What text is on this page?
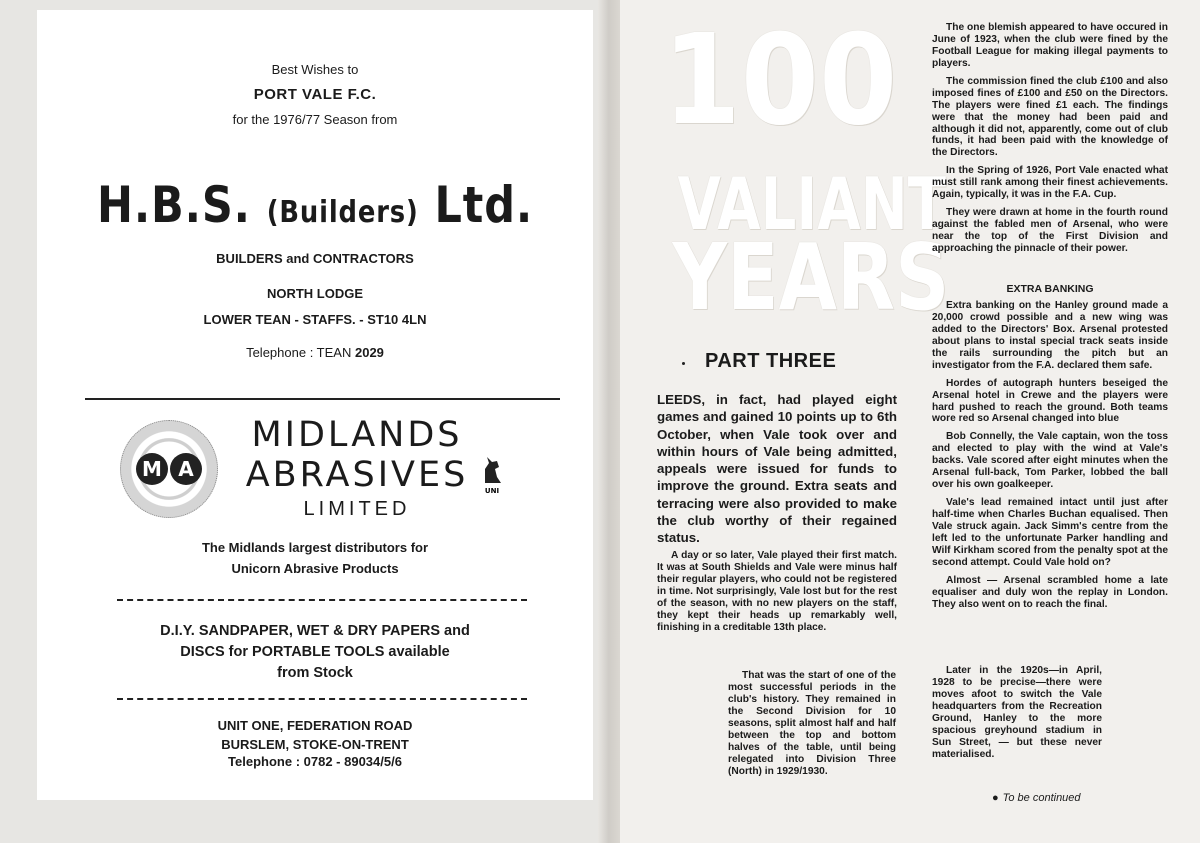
Best Wishes to
PORT VALE F.C.
for the 1976/77 Season from
H.B.S. (Builders) Ltd.
BUILDERS and CONTRACTORS
NORTH LODGE
LOWER TEAN - STAFFS. - ST10 4LN
Telephone : TEAN 2029
M A
MIDLANDS
ABRASIVES
LIMITED
UNI
The Midlands largest distributors for
Unicorn Abrasive Products
D.I.Y. SANDPAPER, WET & DRY PAPERS and
DISCS for PORTABLE TOOLS available
from Stock
UNIT ONE, FEDERATION ROAD
BURSLEM, STOKE-ON-TRENT
Telephone : 0782 - 89034/5/6
100
VALIANT
YEARS
PART THREE
LEEDS, in fact, had played eight games and gained 10 points up to 6th October, when Vale took over and within hours of Vale being admitted, appeals were issued for funds to improve the ground. Extra seats and terracing were also provided to make the club worthy of their regained status.

A day or so later, Vale played their first match. It was at South Shields and Vale were minus half their regular players, who could not be registered in time. Not surprisingly, Vale lost but for the rest of the season, with no new players on the staff, they kept their heads up remarkably well, finishing in a creditable 13th place.

That was the start of one of the most successful periods in the club's history. They remained in the Second Division for 10 seasons, split almost half and half between the top and bottom halves of the table, until being relegated into Division Three (North) in 1929/1930.

The one blemish appeared to have occured in June of 1923, when the club were fined by the Football League for making illegal payments to players.

The commission fined the club £100 and also imposed fines of £100 and £50 on the Directors. The players were fined £1 each. The findings were that the money had been paid and although it did not, apparently, come out of club funds, it had been paid with the knowledge of the Directors.

In the Spring of 1926, Port Vale enacted what must still rank among their finest achievements. Again, typically, it was in the F.A. Cup.

They were drawn at home in the fourth round against the fabled men of Arsenal, who were near the top of the First Division and approaching the pinnacle of their power.

EXTRA BANKING

Extra banking on the Hanley ground made a 20,000 crowd possible and a new wing was added to the Directors' Box. Arsenal protested about plans to instal special track seats inside the rails surrounding the pitch but an investigator from the F.A. declared them safe.

Hordes of autograph hunters beseiged the Arsenal hotel in Crewe and the players were hard pushed to reach the ground. Both teams wore red so Arsenal changed into blue

Bob Connelly, the Vale captain, won the toss and elected to play with the wind at Vale's backs. Vale scored after eight minutes when the Arsenal full-back, Tom Parker, lobbed the ball over his own goalkeeper.

Vale's lead remained intact until just after half-time when Charles Buchan equalised. Then Vale struck again. Jack Simm's centre from the left led to the unfortunate Parker handling and Wilf Kirkham scored from the penalty spot at the second attempt. Could Vale hold on?

Almost — Arsenal scrambled home a late equaliser and duly won the replay in London. They also went on to reach the final.

Later in the 1920s—in April, 1928 to be precise—there were moves afoot to switch the Vale headquarters from the Recreation Ground, Hanley to the more spacious greyhound stadium in Sun Street, — but these never materialised.

● To be continued
